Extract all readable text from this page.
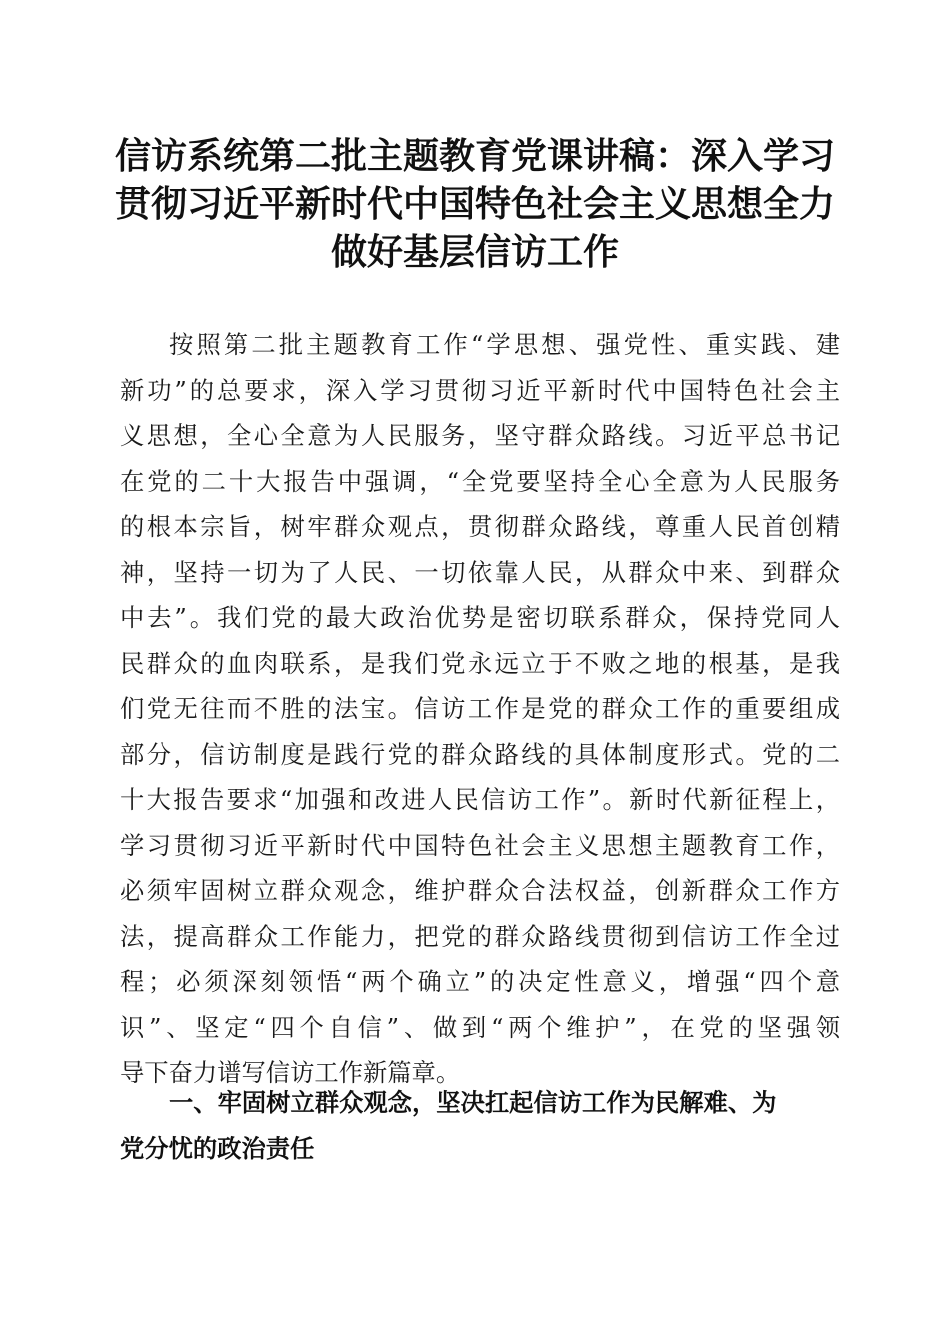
信访系统第二批主题教育党课讲稿：深入学习
贯彻习近平新时代中国特色社会主义思想全力
做好基层信访工作
按照第二批主题教育工作“学思想、强党性、重实践、建
新功”的总要求，深入学习贯彻习近平新时代中国特色社会主
义思想，全心全意为人民服务，坚守群众路线。习近平总书记
在党的二十大报告中强调，“全党要坚持全心全意为人民服务
的根本宗旨，树牢群众观点，贯彻群众路线，尊重人民首创精
神，坚持一切为了人民、一切依靠人民，从群众中来、到群众
中去”。我们党的最大政治优势是密切联系群众，保持党同人
民群众的血肉联系，是我们党永远立于不败之地的根基，是我
们党无往而不胜的法宝。信访工作是党的群众工作的重要组成
部分，信访制度是践行党的群众路线的具体制度形式。党的二
十大报告要求“加强和改进人民信访工作”。新时代新征程上，
学习贯彻习近平新时代中国特色社会主义思想主题教育工作，
必须牢固树立群众观念，维护群众合法权益，创新群众工作方
法，提高群众工作能力，把党的群众路线贯彻到信访工作全过
程；必须深刻领悟“两个确立”的决定性意义，增强“四个意
识”、坚定“四个自信”、做到“两个维护”，在党的坚强领
导下奋力谱写信访工作新篇章。
一、牢固树立群众观念，坚决扛起信访工作为民解难、为
党分忧的政治责任
